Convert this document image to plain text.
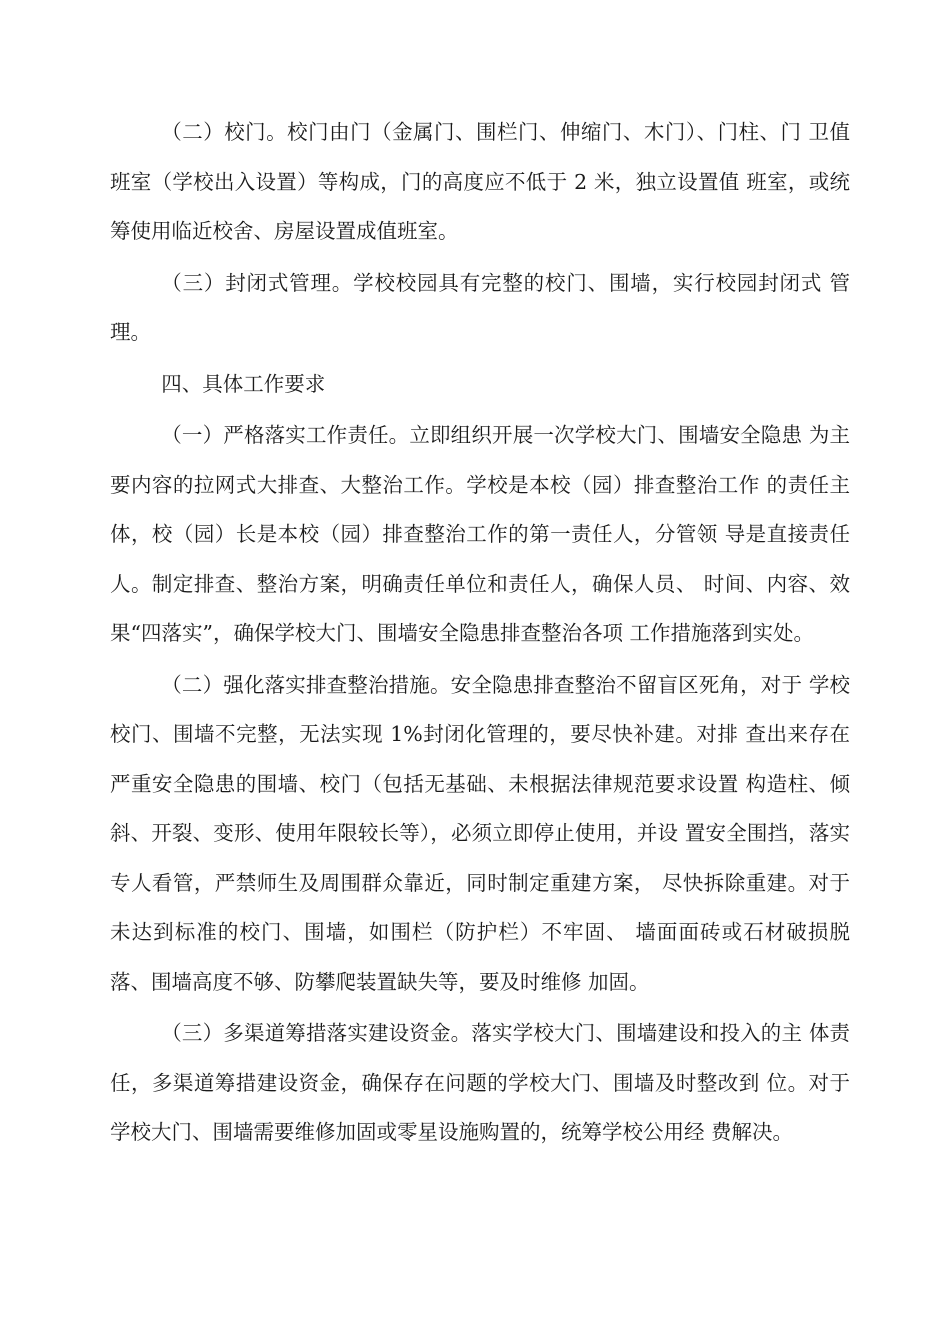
（二）校门。校门由门（金属门、围栏门、伸缩门、木门）、门柱、门 卫值班室（学校出入设置）等构成，门的高度应不低于 2 米，独立设置值 班室，或统筹使用临近校舍、房屋设置成值班室。

（三）封闭式管理。学校校园具有完整的校门、围墙，实行校园封闭式 管理。

四、具体工作要求

（一）严格落实工作责任。立即组织开展一次学校大门、围墙安全隐患 为主要内容的拉网式大排查、大整治工作。学校是本校（园）排查整治工作 的责任主体，校（园）长是本校（园）排查整治工作的第一责任人，分管领 导是直接责任人。制定排查、整治方案，明确责任单位和责任人，确保人员、 时间、内容、效果“四落实”，确保学校大门、围墙安全隐患排查整治各项 工作措施落到实处。

（二）强化落实排查整治措施。安全隐患排查整治不留盲区死角，对于 学校校门、围墙不完整，无法实现 1%封闭化管理的，要尽快补建。对排 查出来存在严重安全隐患的围墙、校门（包括无基础、未根据法律规范要求设置 构造柱、倾斜、开裂、变形、使用年限较长等），必须立即停止使用，并设 置安全围挡，落实专人看管，严禁师生及周围群众靠近，同时制定重建方案， 尽快拆除重建。对于未达到标准的校门、围墙，如围栏（防护栏）不牢固、 墙面面砖或石材破损脱落、围墙高度不够、防攀爬装置缺失等，要及时维修 加固。

（三）多渠道筹措落实建设资金。落实学校大门、围墙建设和投入的主 体责任，多渠道筹措建设资金，确保存在问题的学校大门、围墙及时整改到 位。对于学校大门、围墙需要维修加固或零星设施购置的，统筹学校公用经 费解决。
